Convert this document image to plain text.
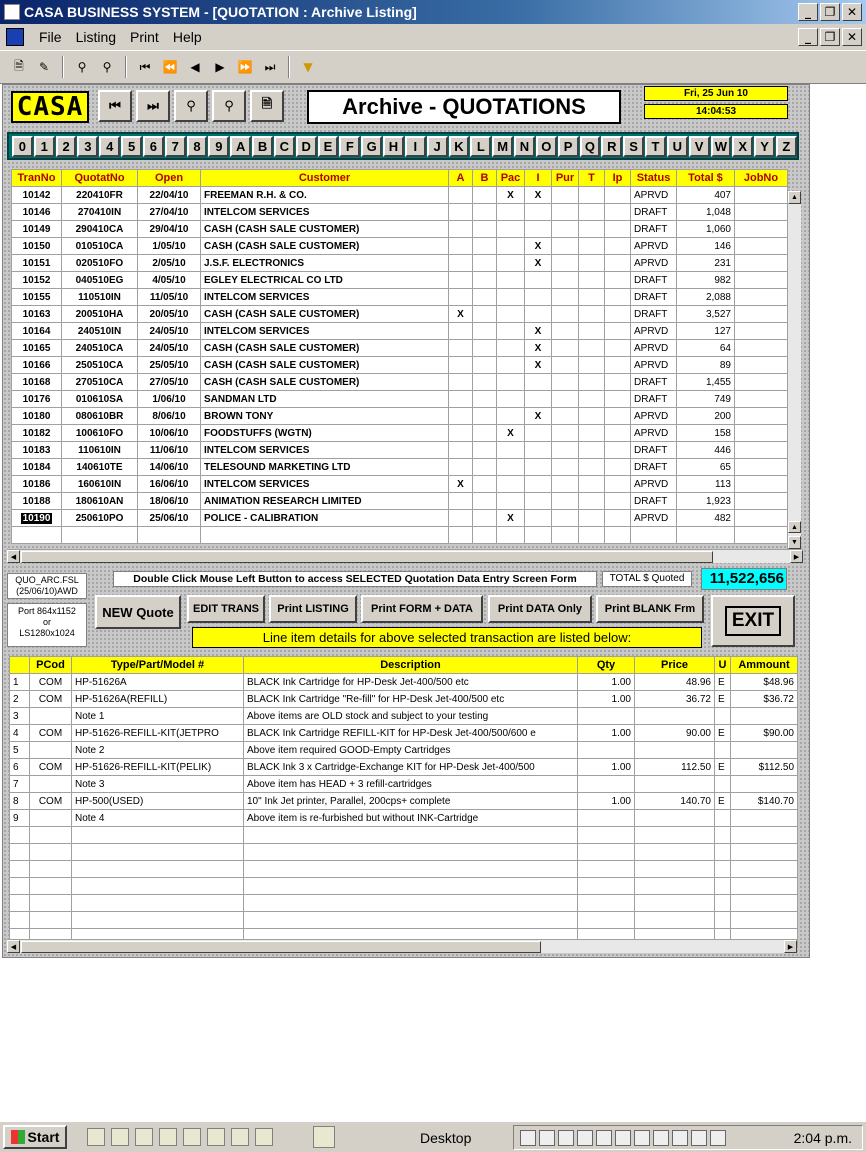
CASA BUSINESS SYSTEM - [QUOTATION : Archive Listing]	_	❐ ✕
File	Listing	Print	Help	_	❐ ✕
🗎	✎	⚲	⚲	⏮	⏪	◀	▶	⏩	⏭	▼
CASA	⏮	⏭	⚲	⚲	🗎	Archive - QUOTATIONS
Fri, 25 Jun 10
14:04:53
0	1	2	3	4	5	6	7	8	9	A B C D E	F G H	I	J	K	L M N O P Q R S	T	U V W X	Y	Z
TranNo	QuotatNo	Open	Customer	A	B	Pac	I	Pur	T	Ip	Status	Total $	JobNo
10142	220410FR	22/04/10	FREEMAN R.H. & CO.			X	X				APRVD	407	
10146	270410IN	27/04/10	INTELCOM SERVICES								DRAFT	1,048	
10149	290410CA	29/04/10	CASH (CASH SALE CUSTOMER)								DRAFT	1,060	
10150	010510CA	1/05/10	CASH (CASH SALE CUSTOMER)				X				APRVD	146	
10151	020510FO	2/05/10	J.S.F. ELECTRONICS				X				APRVD	231	
10152	040510EG	4/05/10	EGLEY ELECTRICAL CO LTD								DRAFT	982	
10155	110510IN	11/05/10	INTELCOM SERVICES								DRAFT	2,088	
10163	200510HA	20/05/10	CASH (CASH SALE CUSTOMER)	X							DRAFT	3,527	
10164	240510IN	24/05/10	INTELCOM SERVICES				X				APRVD	127	
10165	240510CA	24/05/10	CASH (CASH SALE CUSTOMER)				X				APRVD	64	
10166	250510CA	25/05/10	CASH (CASH SALE CUSTOMER)				X				APRVD	89	
10168	270510CA	27/05/10	CASH (CASH SALE CUSTOMER)								DRAFT	1,455	
10176	010610SA	1/06/10	SANDMAN LTD								DRAFT	749	
10180	080610BR	8/06/10	BROWN TONY				X				APRVD	200	
10182	100610FO	10/06/10	FOODSTUFFS (WGTN)			X					APRVD	158	
10183	110610IN	11/06/10	INTELCOM SERVICES								DRAFT	446	
10184	140610TE	14/06/10	TELESOUND MARKETING LTD								DRAFT	65	
10186	160610IN	16/06/10	INTELCOM SERVICES	X							APRVD	113	
10188	180610AN	18/06/10	ANIMATION RESEARCH LIMITED								DRAFT	1,923	
10190	250610PO	25/06/10	POLICE - CALIBRATION			X					APRVD	482	

▲
▲
▼
◀	▶
QUO_ARC.FSL
(25/06/10)AWD
Port 864x1152
or
LS1280x1024
Double Click Mouse Left Button to access SELECTED Quotation Data Entry Screen Form	TOTAL $ Quoted	11,522,656
NEW Quote	EDIT TRANS	Print LISTING	Print FORM + DATA	Print DATA Only	Print BLANK Frm
EXIT
Line item details for above selected transaction are listed below:
	PCod	Type/Part/Model #	Description	Qty	Price	U	Ammount
1	COM	HP-51626A	BLACK Ink Cartridge for HP-Desk Jet-400/500 etc	1.00	48.96	E	$48.96
2	COM	HP-51626A(REFILL)	BLACK Ink Cartridge "Re-fill" for HP-Desk Jet-400/500 etc	1.00	36.72	E	$36.72
3		Note 1	Above items are OLD stock and subject to your testing				
4	COM	HP-51626-REFILL-KIT(JETPRO	BLACK Ink Cartridge REFILL-KIT for HP-Desk Jet-400/500/600 e	1.00	90.00	E	$90.00
5		Note 2	Above item required GOOD-Empty Cartridges				
6	COM	HP-51626-REFILL-KIT(PELIK)	BLACK Ink 3 x Cartridge-Exchange KIT for HP-Desk Jet-400/500	1.00	112.50	E	$112.50
7		Note 3	Above item has HEAD + 3 refill-cartridges				
8	COM	HP-500(USED)	10" Ink Jet printer, Parallel, 200cps+ complete	1.00	140.70	E	$140.70
9		Note 4	Above item is re-furbished but without INK-Cartridge				

◀	▶
Start	Desktop	2:04 p.m.
